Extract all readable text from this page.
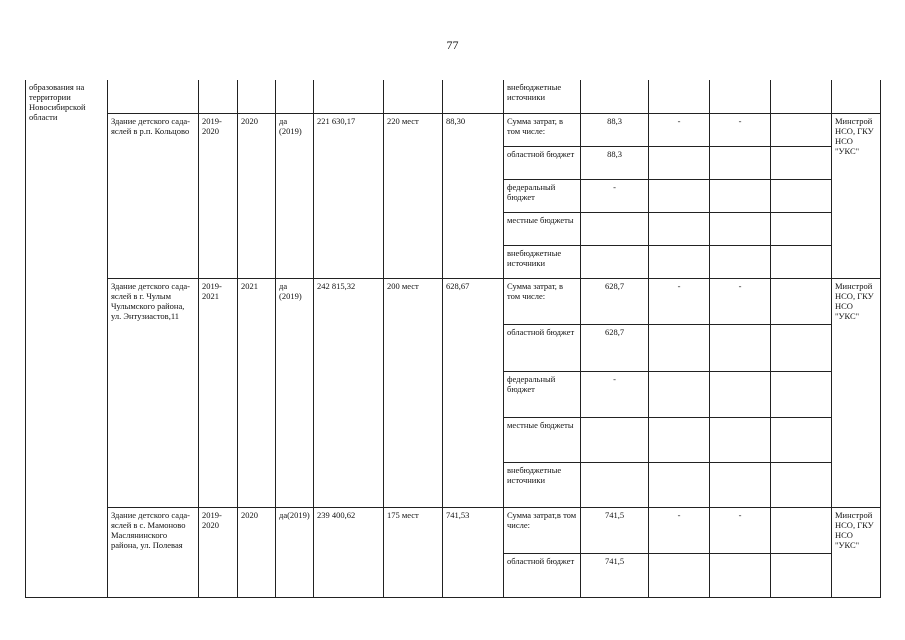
77
образования на территории Новосибирской области								внебюджетные источники					
	Здание детского сада-яслей в р.п. Кольцово	2019-2020	2020	да (2019)	221 630,17	220 мест	88,30	Сумма затрат, в том числе:	88,3	-	-		Минстрой НСО, ГКУ НСО "УКС"
								областной бюджет	88,3				
								федеральный бюджет	-				
								местные бюджеты					
								внебюджетные источники					
	Здание детского сада-яслей в г. Чулым Чулымского района, ул. Энтузиастов,11	2019-2021	2021	да (2019)	242 815,32	200 мест	628,67	Сумма затрат, в том числе:	628,7	-	-		Минстрой НСО, ГКУ НСО "УКС"
								областной бюджет	628,7				
								федеральный бюджет	-				
								местные бюджеты					
								внебюджетные источники					
	Здание детского сада-яслей в с. Мамоново Маслянинского района, ул. Полевая	2019-2020	2020	да(2019)	239 400,62	175 мест	741,53	Сумма затрат,в том числе:	741,5	-	-		Минстрой НСО, ГКУ НСО "УКС"
								областной бюджет	741,5				
